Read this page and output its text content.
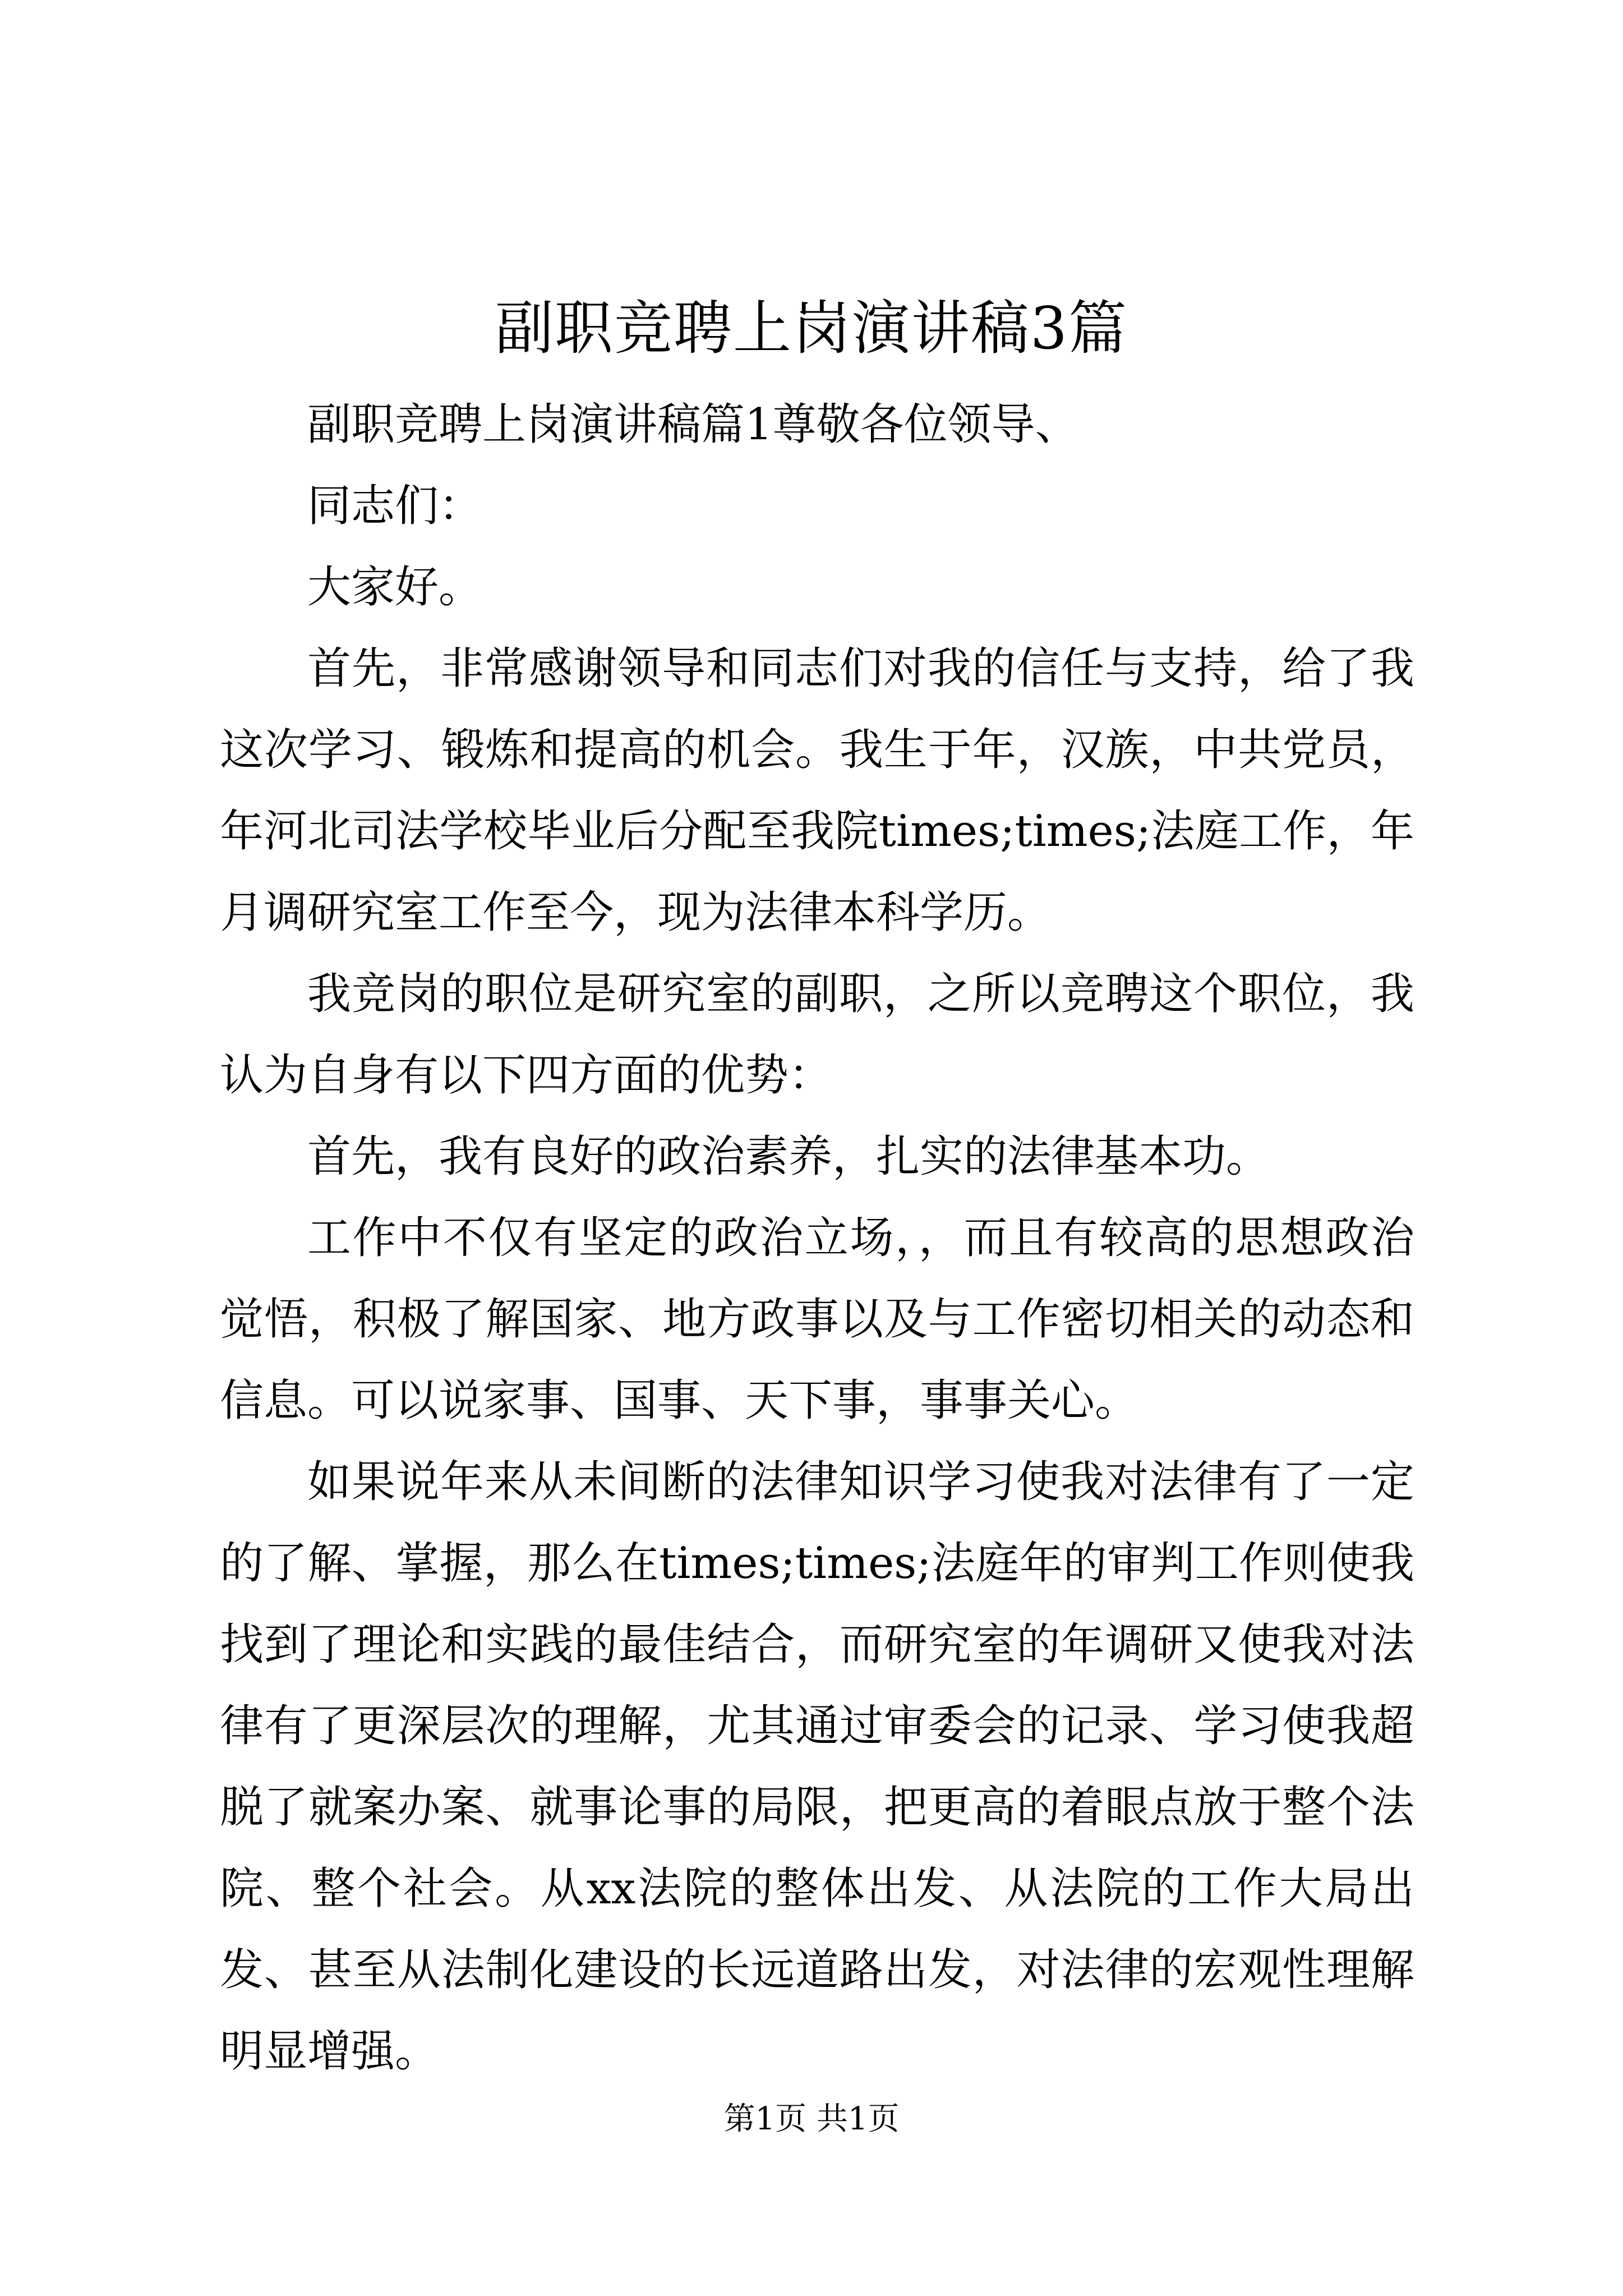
副职竞聘上岗演讲稿3篇

副职竞聘上岗演讲稿篇1尊敬各位领导、

同志们：

大家好。

首先，非常感谢领导和同志们对我的信任与支持，给了我这次学习、锻炼和提高的机会。我生于年，汉族，中共党员，年河北司法学校毕业后分配至我院times;times;法庭工作，年月调研究室工作至今，现为法律本科学历。

我竞岗的职位是研究室的副职，之所以竞聘这个职位，我认为自身有以下四方面的优势：

首先，我有良好的政治素养，扎实的法律基本功。

工作中不仅有坚定的政治立场，，而且有较高的思想政治觉悟，积极了解国家、地方政事以及与工作密切相关的动态和信息。可以说家事、国事、天下事，事事关心。

如果说年来从未间断的法律知识学习使我对法律有了一定的了解、掌握，那么在times;times;法庭年的审判工作则使我找到了理论和实践的最佳结合，而研究室的年调研又使我对法律有了更深层次的理解，尤其通过审委会的记录、学习使我超脱了就案办案、就事论事的局限，把更高的着眼点放于整个法院、整个社会。从xx法院的整体出发、从法院的工作大局出发、甚至从法制化建设的长远道路出发，对法律的宏观性理解明显增强。

第1页 共1页
